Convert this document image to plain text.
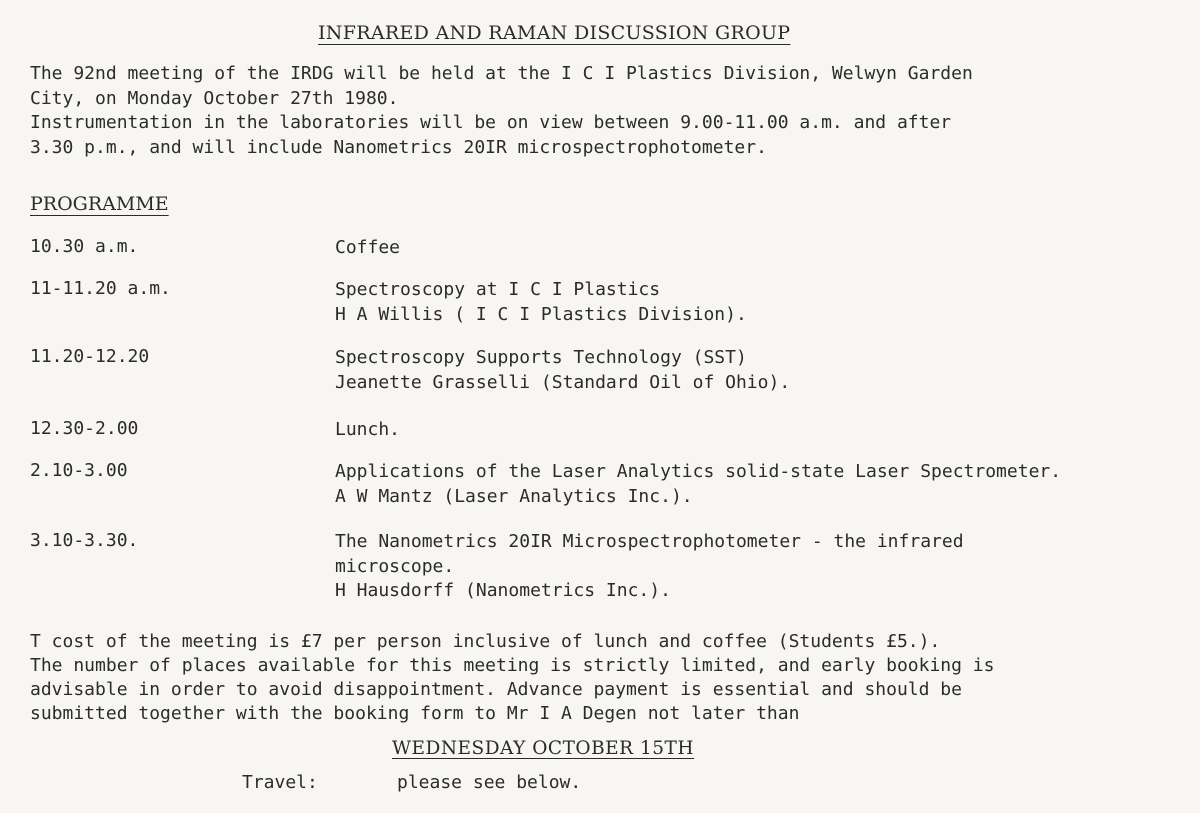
INFRARED AND RAMAN DISCUSSION GROUP

The 92nd meeting of the IRDG will be held at the I C I Plastics Division, Welwyn Garden

City, on Monday October 27th 1980.

Instrumentation in the laboratories will be on view between 9.00-11.00 a.m. and after

3.30 p.m., and will include Nanometrics 20IR microspectrophotometer.

PROGRAMME
10.30 a.m.	Coffee
11-11.20 a.m.	Spectroscopy at I C I Plastics
H A Willis ( I C I Plastics Division).
11.20-12.20	Spectroscopy Supports Technology (SST)
Jeanette Grasselli (Standard Oil of Ohio).
12.30-2.00	Lunch.
2.10-3.00	Applications of the Laser Analytics solid-state Laser Spectrometer.
A W Mantz (Laser Analytics Inc.).
3.10-3.30.	The Nanometrics 20IR Microspectrophotometer - the infrared
microscope.
H Hausdorff (Nanometrics Inc.).
T cost of the meeting is £7 per person inclusive of lunch and coffee (Students £5.).
The number of places available for this meeting is strictly limited, and early booking is
advisable in order to avoid disappointment. Advance payment is essential and should be
submitted together with the booking form to Mr I A Degen not later than
WEDNESDAY OCTOBER 15TH
Travel:	please see below.
